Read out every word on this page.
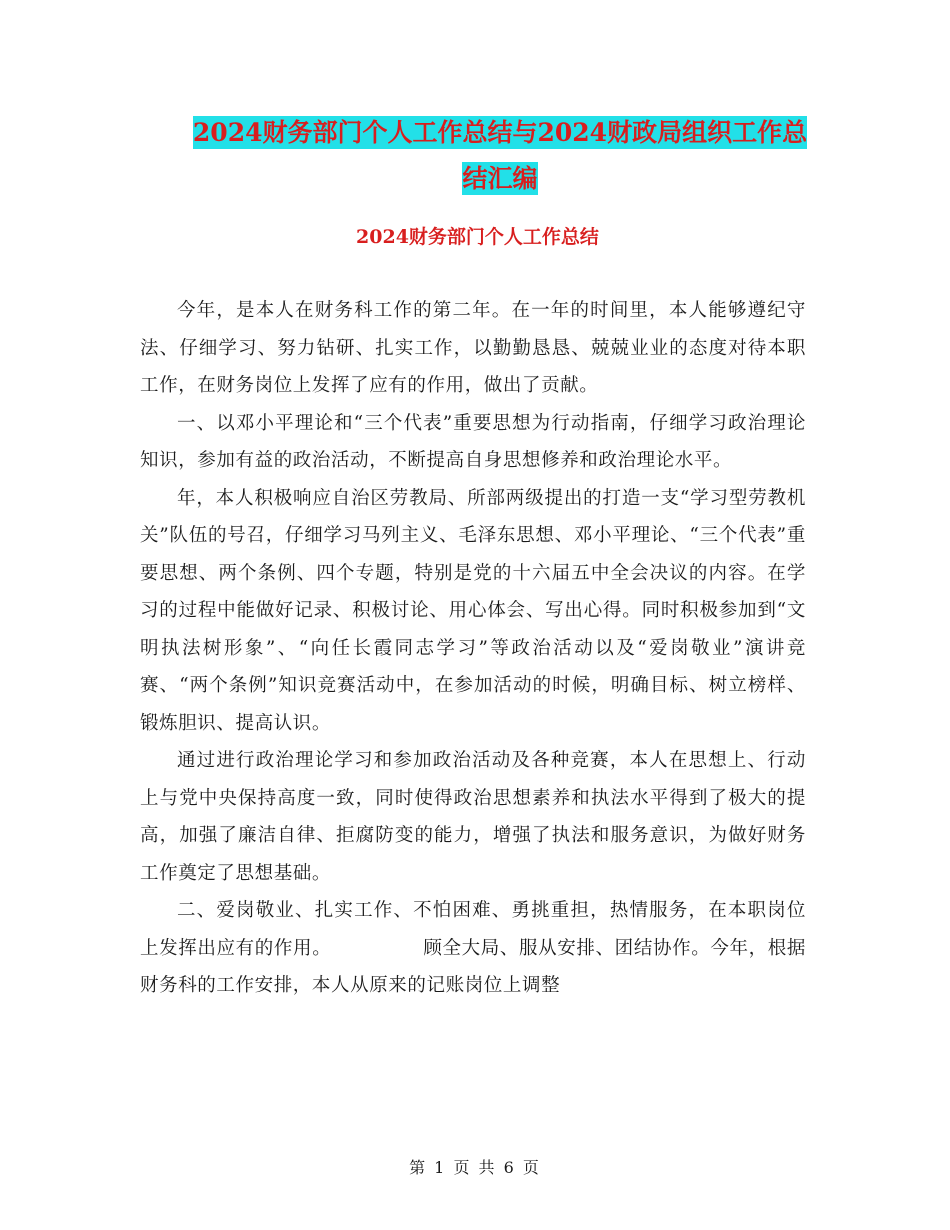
2024财务部门个人工作总结与2024财政局组织工作总
结汇编
2024财务部门个人工作总结

今年，是本人在财务科工作的第二年。在一年的时间里，本人能够遵纪守法、仔细学习、努力钻研、扎实工作，以勤勤恳恳、兢兢业业的态度对待本职工作，在财务岗位上发挥了应有的作用，做出了贡献。

一、以邓小平理论和“三个代表”重要思想为行动指南，仔细学习政治理论知识，参加有益的政治活动，不断提高自身思想修养和政治理论水平。

年，本人积极响应自治区劳教局、所部两级提出的打造一支“学习型劳教机关”队伍的号召，仔细学习马列主义、毛泽东思想、邓小平理论、“三个代表”重要思想、两个条例、四个专题，特别是党的十六届五中全会决议的内容。在学习的过程中能做好记录、积极讨论、用心体会、写出心得。同时积极参加到“文明执法树形象”、“向任长霞同志学习”等政治活动以及“爱岗敬业”演讲竞赛、“两个条例”知识竞赛活动中，在参加活动的时候，明确目标、树立榜样、锻炼胆识、提高认识。

通过进行政治理论学习和参加政治活动及各种竞赛，本人在思想上、行动上与党中央保持高度一致，同时使得政治思想素养和执法水平得到了极大的提高，加强了廉洁自律、拒腐防变的能力，增强了执法和服务意识，为做好财务工作奠定了思想基础。

二、爱岗敬业、扎实工作、不怕困难、勇挑重担，热情服务，在本职岗位上发挥出应有的作用。	顾全大局、服从安排、团结协作。今年，根据财务科的工作安排，本人从原来的记账岗位上调整

第 1 页 共 6 页
